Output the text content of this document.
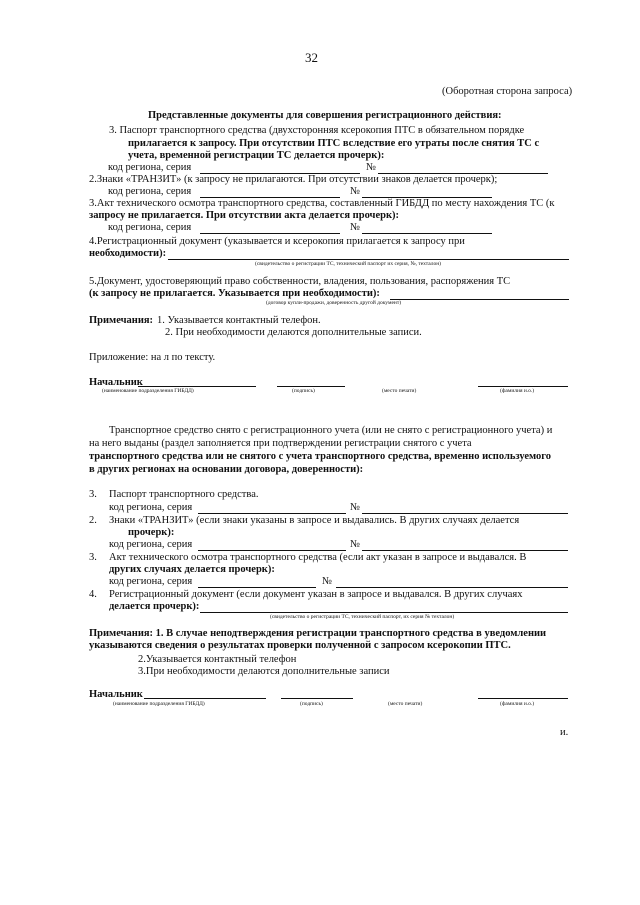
32
(Оборотная сторона запроса)
Представленные документы для совершения регистрационного действия:
3. Паспорт транспортного средства (двухсторонняя ксерокопия ПТС в обязательном порядке
прилагается к запросу. При отсутствии ПТС вследствие его утраты после снятия ТС с
учета, временной регистрации ТС делается прочерк):
код региона, серия	№
2.Знаки «ТРАНЗИТ» (к запросу не прилагаются. При отсутствии знаков делается прочерк);
код региона, серия	№
3.Акт технического осмотра транспортного средства, составленный ГИБДД по месту нахождения ТС (к
запросу не прилагается. При отсутствии акта делается прочерк):
код региона, серия	№
4.Регистрационный документ (указывается и ксерокопия прилагается к запросу при
необходимости):
(свидетельство о регистрации ТС, технический паспорт их серия, №, техталон)
5.Документ, удостоверяющий право собственности, владения, пользования, распоряжения ТС
(к запросу не прилагается. Указывается при необходимости):
(договор купли-продажи, доверенность другой документ)
Примечания: 1. Указывается контактный телефон.
2. При необходимости делаются дополнительные записи.
Приложение: на л по тексту.
Начальник
(наименование подразделения ГИБДД)	(подпись)	(место печати)	(фамилия и.о.)
Транспортное средство снято с регистрационного учета (или не снято с регистрационного учета) и
на него выданы (раздел заполняется при подтверждении регистрации снятого с учета
транспортного средства или не снятого с учета транспортного средства, временно используемого
в других регионах на основании договора, доверенности):
3. Паспорт транспортного средства.
код региона, серия	№
2. Знаки «ТРАНЗИТ» (если знаки указаны в запросе и выдавались. В других случаях делается
прочерк):
код региона, серия	№
3. Акт технического осмотра транспортного средства (если акт указан в запросе и выдавался. В
других случаях делается прочерк):
код региона, серия	№
4. Регистрационный документ (если документ указан в запросе и выдавался. В других случаях
делается прочерк):
(свидетельство о регистрации ТС, технический паспорт, их серия № техталон)
Примечания: 1. В случае неподтверждения регистрации транспортного средства в уведомлении
указываются сведения о результатах проверки полученной с запросом ксерокопии ПТС.
2.Указывается контактный телефон
3.При необходимости делаются дополнительные записи
Начальник
(наименование подразделения ГИБДД)	(подпись)	(место печати)	(фамилия и.о.)
и.
